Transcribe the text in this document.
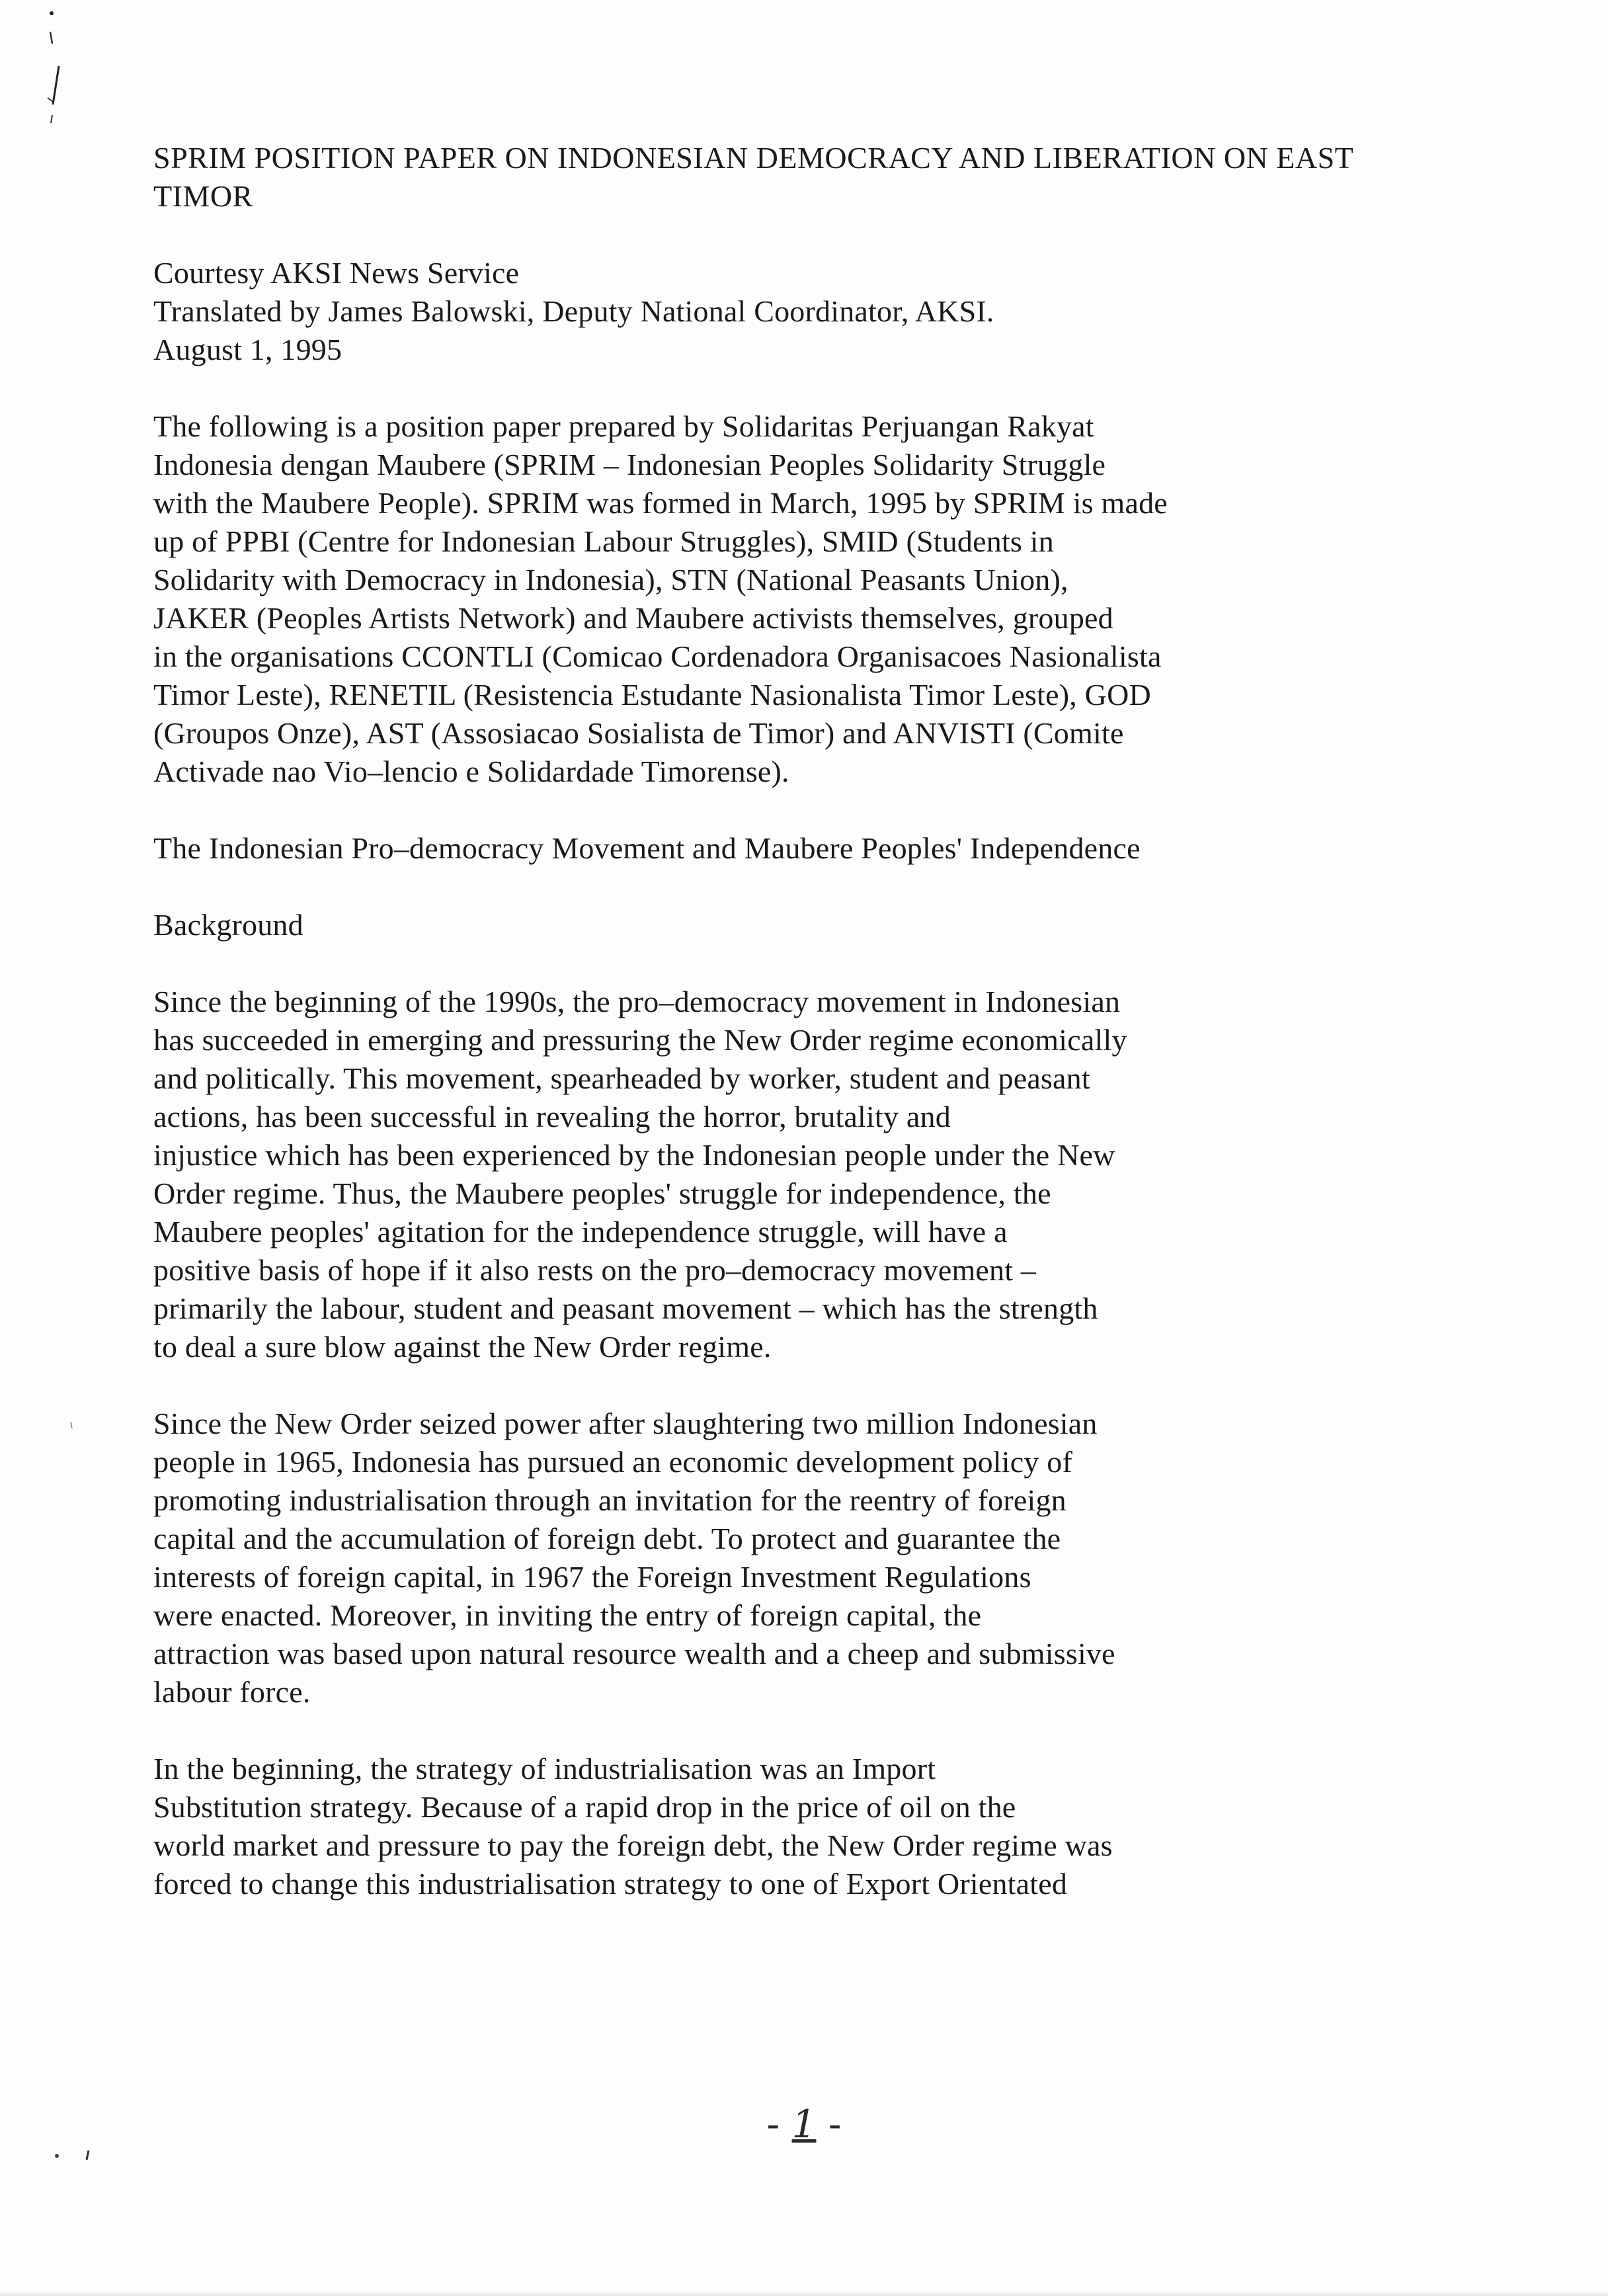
SPRIM POSITION PAPER ON INDONESIAN DEMOCRACY AND LIBERATION ON EAST
TIMOR
Courtesy AKSI News Service
Translated by James Balowski, Deputy National Coordinator, AKSI.
August 1, 1995
The following is a position paper prepared by Solidaritas Perjuangan Rakyat
Indonesia dengan Maubere (SPRIM – Indonesian Peoples Solidarity Struggle
with the Maubere People). SPRIM was formed in March, 1995 by SPRIM is made
up of PPBI (Centre for Indonesian Labour Struggles), SMID (Students in
Solidarity with Democracy in Indonesia), STN (National Peasants Union),
JAKER (Peoples Artists Network) and Maubere activists themselves, grouped
in the organisations CCONTLI (Comicao Cordenadora Organisacoes Nasionalista
Timor Leste), RENETIL (Resistencia Estudante Nasionalista Timor Leste), GOD
(Groupos Onze), AST (Assosiacao Sosialista de Timor) and ANVISTI (Comite
Activade nao Vio–lencio e Solidardade Timorense).
The Indonesian Pro–democracy Movement and Maubere Peoples' Independence
Background
Since the beginning of the 1990s, the pro–democracy movement in Indonesian
has succeeded in emerging and pressuring the New Order regime economically
and politically. This movement, spearheaded by worker, student and peasant
actions, has been successful in revealing the horror, brutality and
injustice which has been experienced by the Indonesian people under the New
Order regime. Thus, the Maubere peoples' struggle for independence, the
Maubere peoples' agitation for the independence struggle, will have a
positive basis of hope if it also rests on the pro–democracy movement –
primarily the labour, student and peasant movement – which has the strength
to deal a sure blow against the New Order regime.
Since the New Order seized power after slaughtering two million Indonesian
people in 1965, Indonesia has pursued an economic development policy of
promoting industrialisation through an invitation for the reentry of foreign
capital and the accumulation of foreign debt. To protect and guarantee the
interests of foreign capital, in 1967 the Foreign Investment Regulations
were enacted. Moreover, in inviting the entry of foreign capital, the
attraction was based upon natural resource wealth and a cheep and submissive
labour force.
In the beginning, the strategy of industrialisation was an Import
Substitution strategy. Because of a rapid drop in the price of oil on the
world market and pressure to pay the foreign debt, the New Order regime was
forced to change this industrialisation strategy to one of Export Orientated
- 1 -
